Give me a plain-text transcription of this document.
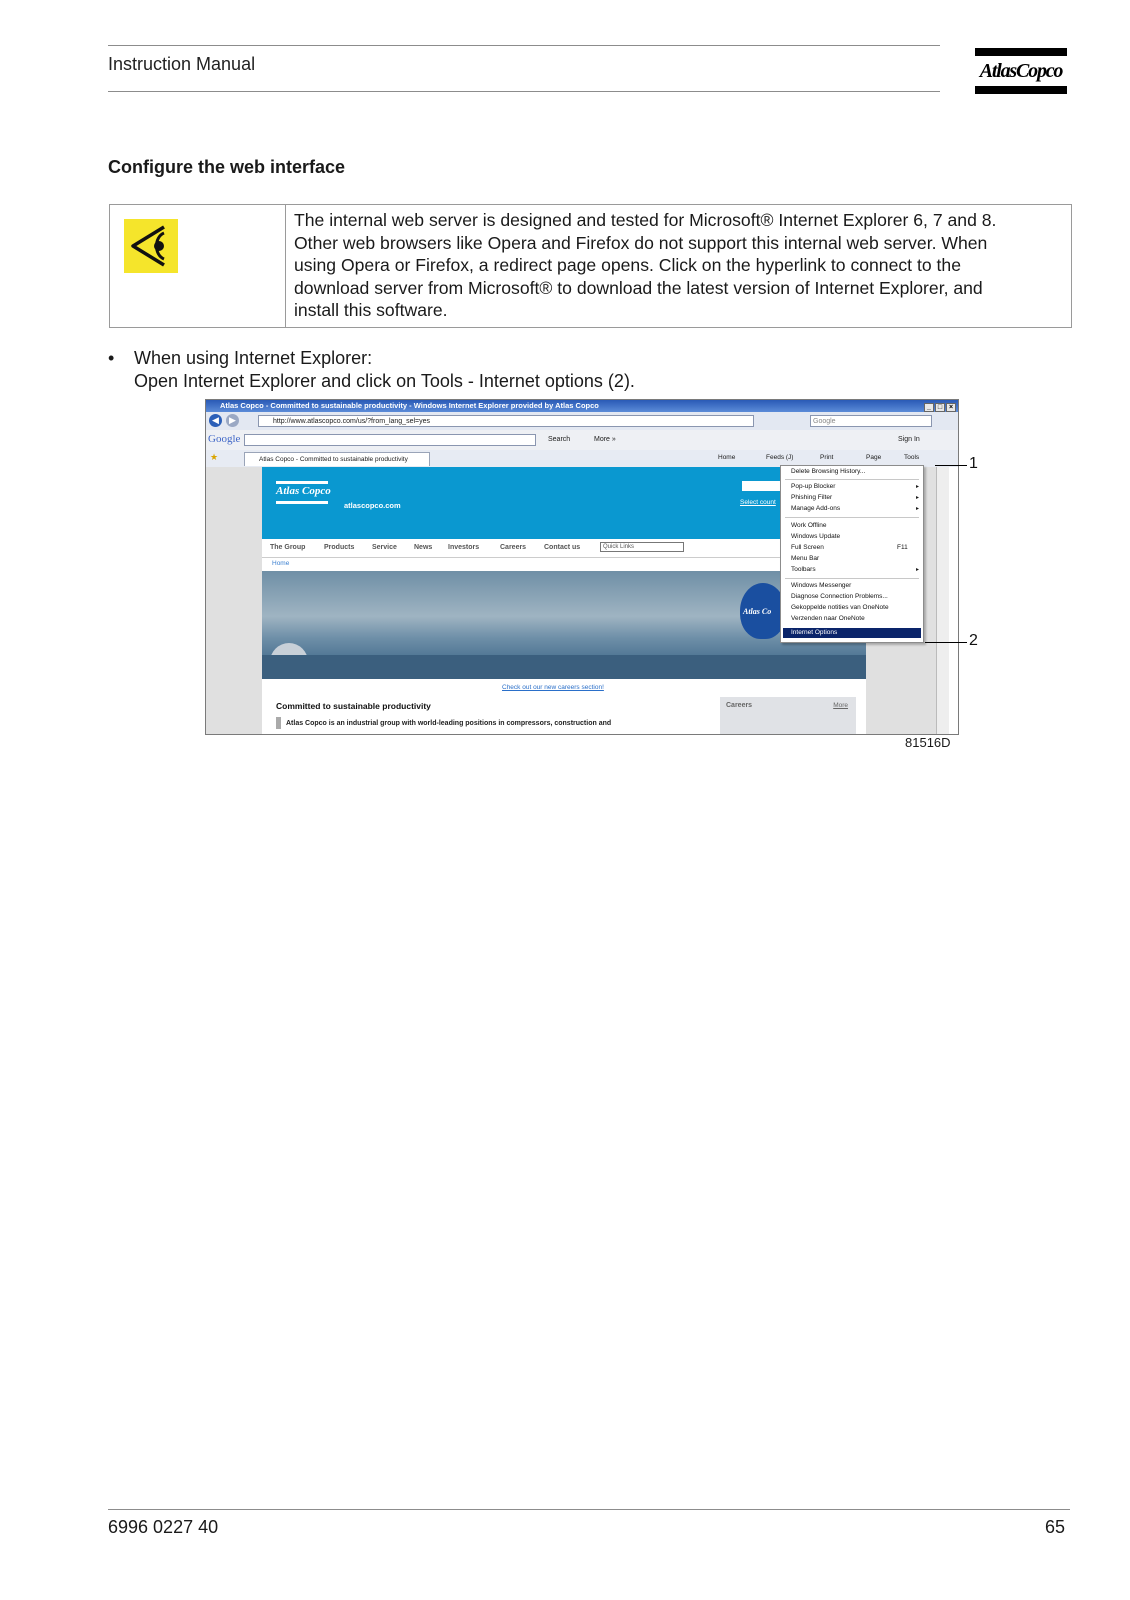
Instruction Manual	AtlasCopco
Configure the web interface
The internal web server is designed and tested for Microsoft® Internet Explorer 6, 7 and 8.
Other web browsers like Opera and Firefox do not support this internal web server. When
using Opera or Firefox, a redirect page opens. Click on the hyperlink to connect to the
download server from Microsoft® to download the latest version of Internet Explorer, and
install this software.
• When using Internet Explorer:
Open Internet Explorer and click on Tools - Internet options (2).
Atlas Copco - Committed to sustainable productivity - Windows Internet Explorer provided by Atlas Copco	_ □ ×
◀	▶	http://www.atlascopco.com/us/?from_lang_sel=yes	Google
Google	Search	More »	Sign In
★	Atlas Copco - Committed to sustainable productivity	Home	Feeds (J)	Print	Page	Tools
Atlas Copco
atlascopco.com	Select count
The Group	Products	Service News Investors	Careers	Contact us	Quick Links
Home
Atlas Co
Check out our new careers section!
Committed to sustainable productivity
Atlas Copco is an industrial group with world-leading positions in compressors, construction and
Careers	More
Delete Browsing History...
Pop-up Blocker	▸
Phishing Filter	▸
Manage Add-ons	▸
Work Offline
Windows Update
Full Screen	F11
Menu Bar
Toolbars	▸
Windows Messenger
Diagnose Connection Problems...
Gekoppelde notities van OneNote
Verzenden naar OneNote
Internet Options
1
2
81516D
6996 0227 40	65
